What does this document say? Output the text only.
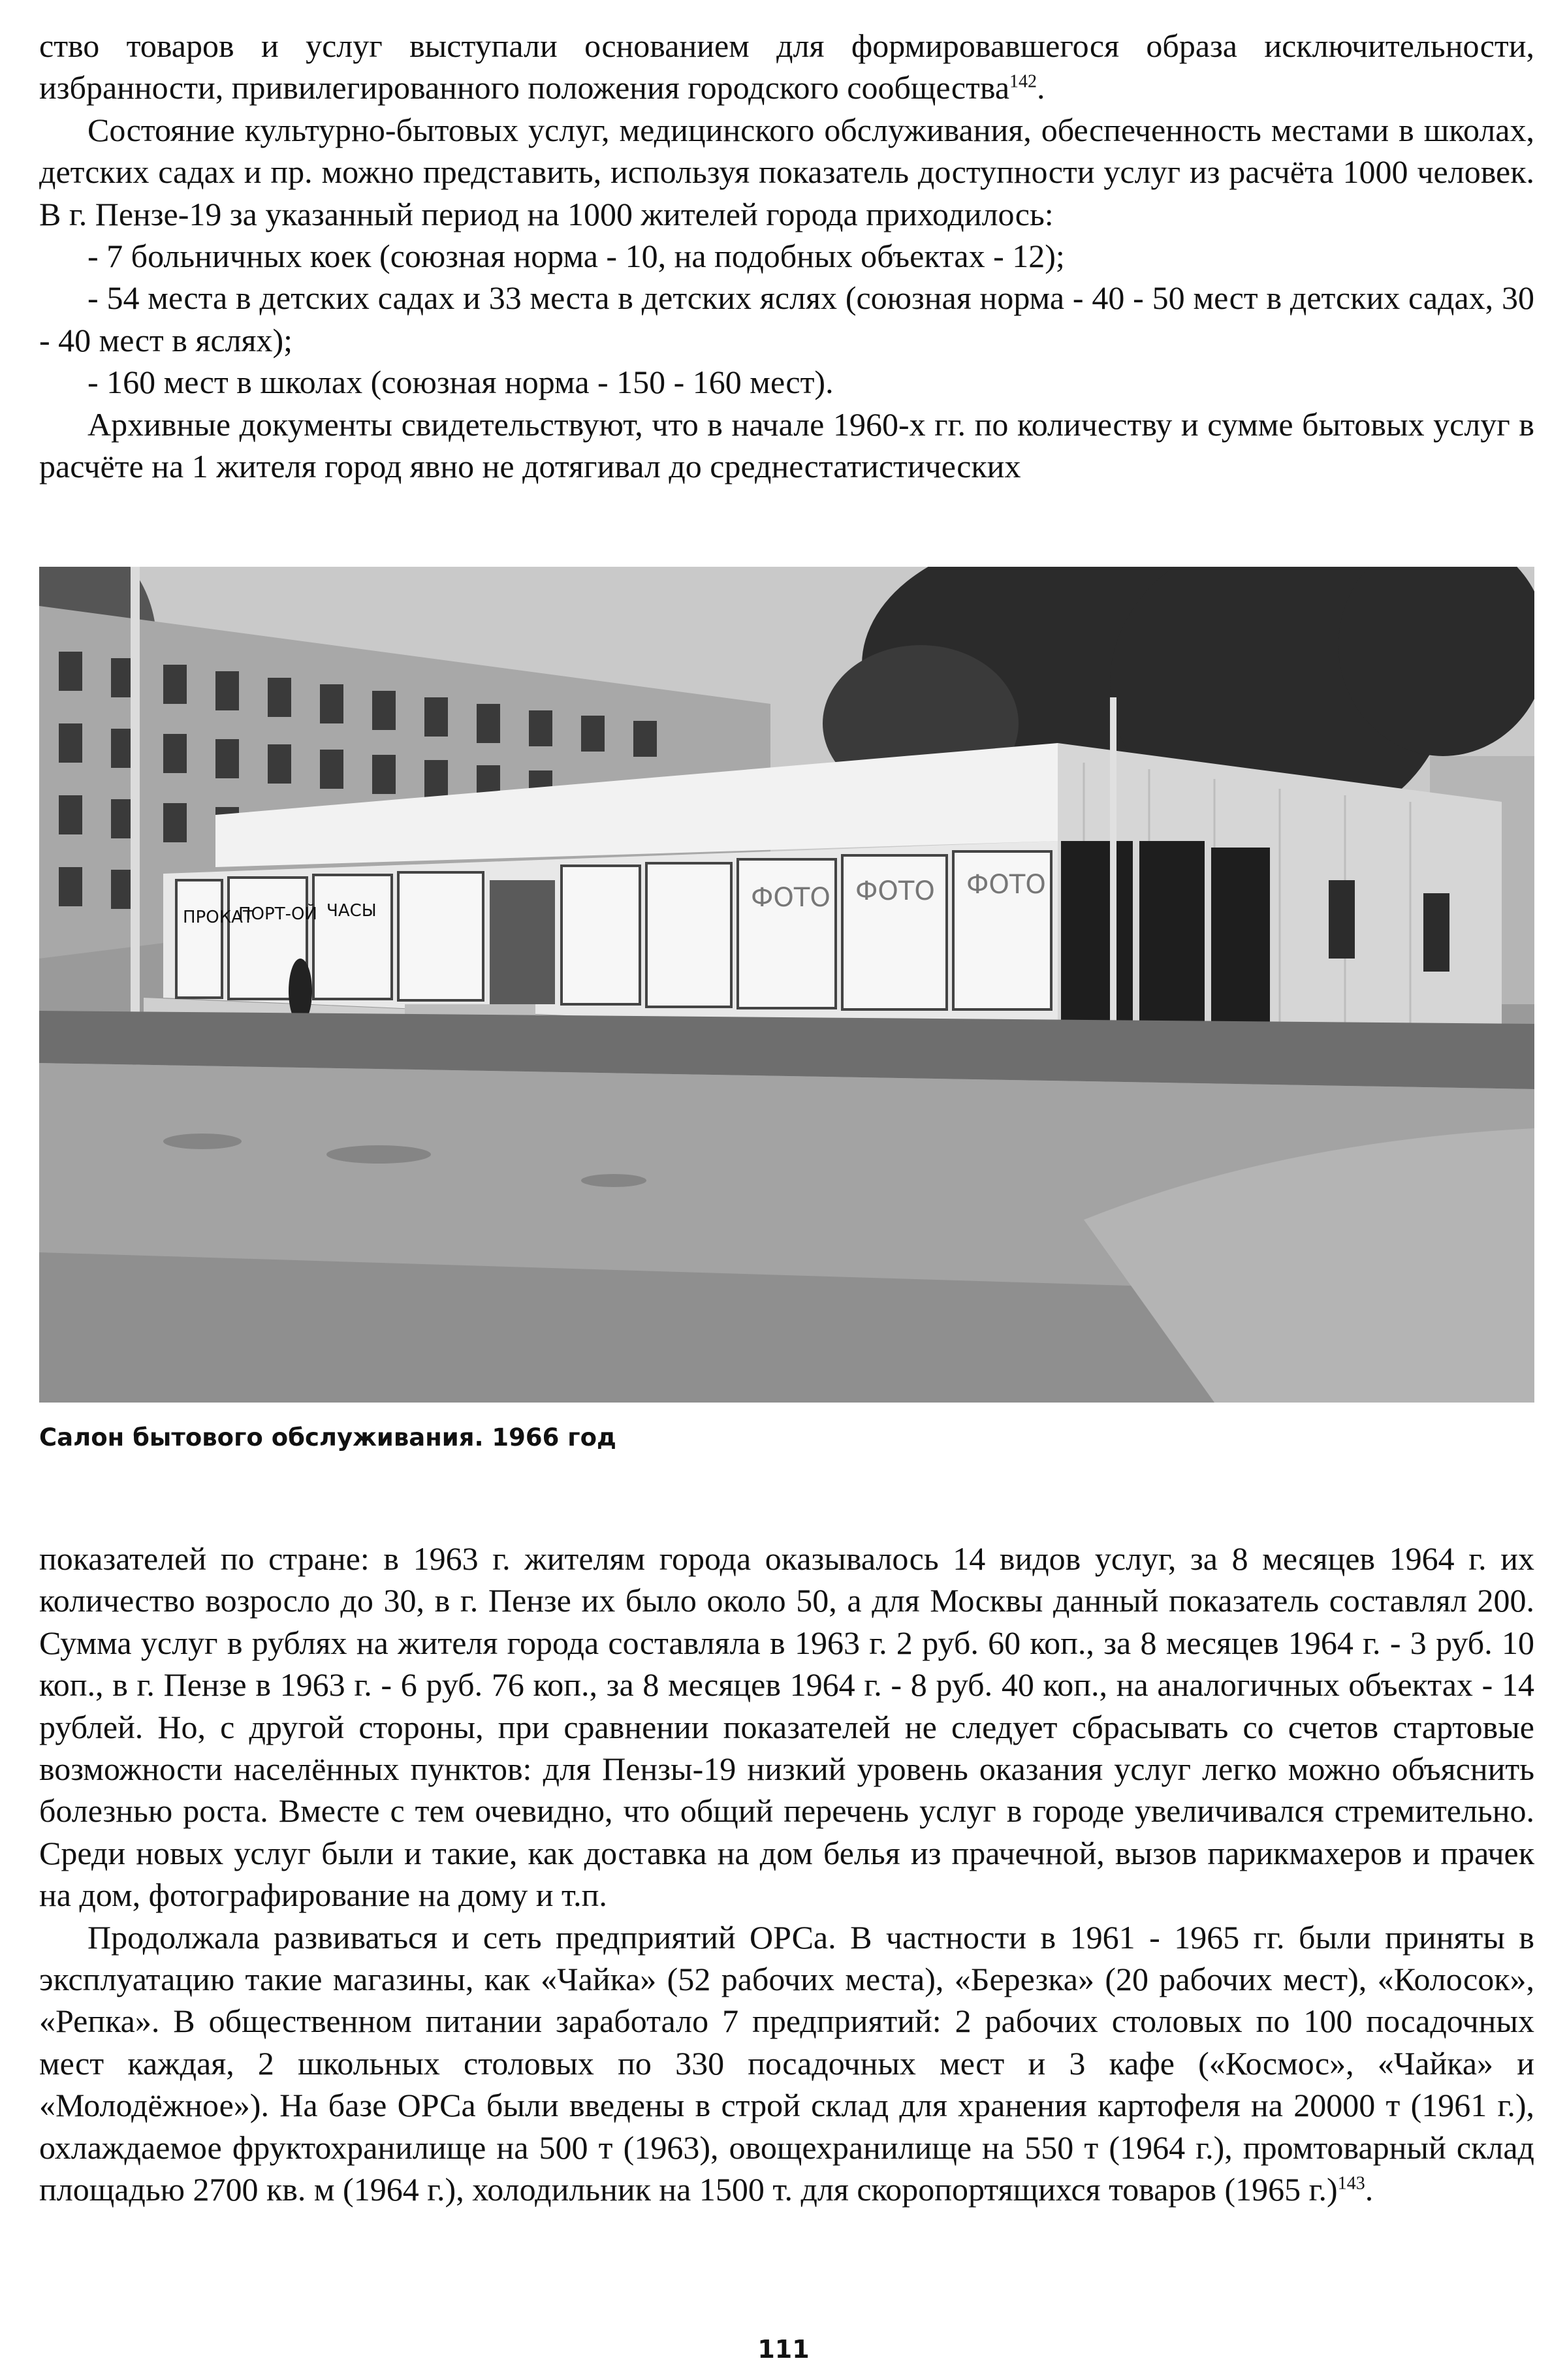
ство товаров и услуг выступали основанием для формировавшегося образа исключительности, избранности, привилегированного положения городского сообщества$^{142}$.

Состояние культурно-бытовых услуг, медицинского обслуживания, обеспеченность местами в школах, детских садах и пр. можно представить, используя показатель доступности услуг из расчёта 1000 человек. В г. Пензе-19 за указанный период на 1000 жителей города приходилось:

- 7 больничных коек (союзная норма - 10, на подобных объектах - 12);

- 54 места в детских садах и 33 места в детских яслях (союзная норма - 40 - 50 мест в детских садах, 30 - 40 мест в яслях);

- 160 мест в школах (союзная норма - 150 - 160 мест).

Архивные документы свидетельствуют, что в начале 1960-х гг. по количеству и сумме бытовых услуг в расчёте на 1 жителя город явно не дотягивал до среднестатистических

ПРОКАТ
ПОРТ-ОЙ ЧАСЫ	ФОТО ФОТО ФОТО
Салон бытового обслуживания. 1966 год

показателей по стране: в 1963 г. жителям города оказывалось 14 видов услуг, за 8 месяцев 1964 г. их количество возросло до 30, в г. Пензе их было около 50, а для Москвы данный показатель составлял 200. Сумма услуг в рублях на жителя города составляла в 1963 г. 2 руб. 60 коп., за 8 месяцев 1964 г. - 3 руб. 10 коп., в г. Пензе в 1963 г. - 6 руб. 76 коп., за 8 месяцев 1964 г. - 8 руб. 40 коп., на аналогичных объектах - 14 рублей. Но, с другой стороны, при сравнении показателей не следует сбрасывать со счетов стартовые возможности населённых пунктов: для Пензы-19 низкий уровень оказания услуг легко можно объяснить болезнью роста. Вместе с тем очевидно, что общий перечень услуг в городе увеличивался стремительно. Среди новых услуг были и такие, как доставка на дом белья из прачечной, вызов парикмахеров и прачек на дом, фотографирование на дому и т.п.

Продолжала развиваться и сеть предприятий ОРСа. В частности в 1961 - 1965 гг. были приняты в эксплуатацию такие магазины, как «Чайка» (52 рабочих места), «Березка» (20 рабочих мест), «Колосок», «Репка». В общественном питании заработало 7 предприятий: 2 рабочих столовых по 100 посадочных мест каждая, 2 школьных столовых по 330 посадочных мест и 3 кафе («Космос», «Чайка» и «Молодёжное»). На базе ОРСа были введены в строй склад для хранения картофеля на 20000 т (1961 г.), охлаждаемое фруктохранилище на 500 т (1963), овощехранилище на 550 т (1964 г.), промтоварный склад площадью 2700 кв. м (1964 г.), холодильник на 1500 т. для скоропортящихся товаров (1965 г.)$^{143}$.

111
